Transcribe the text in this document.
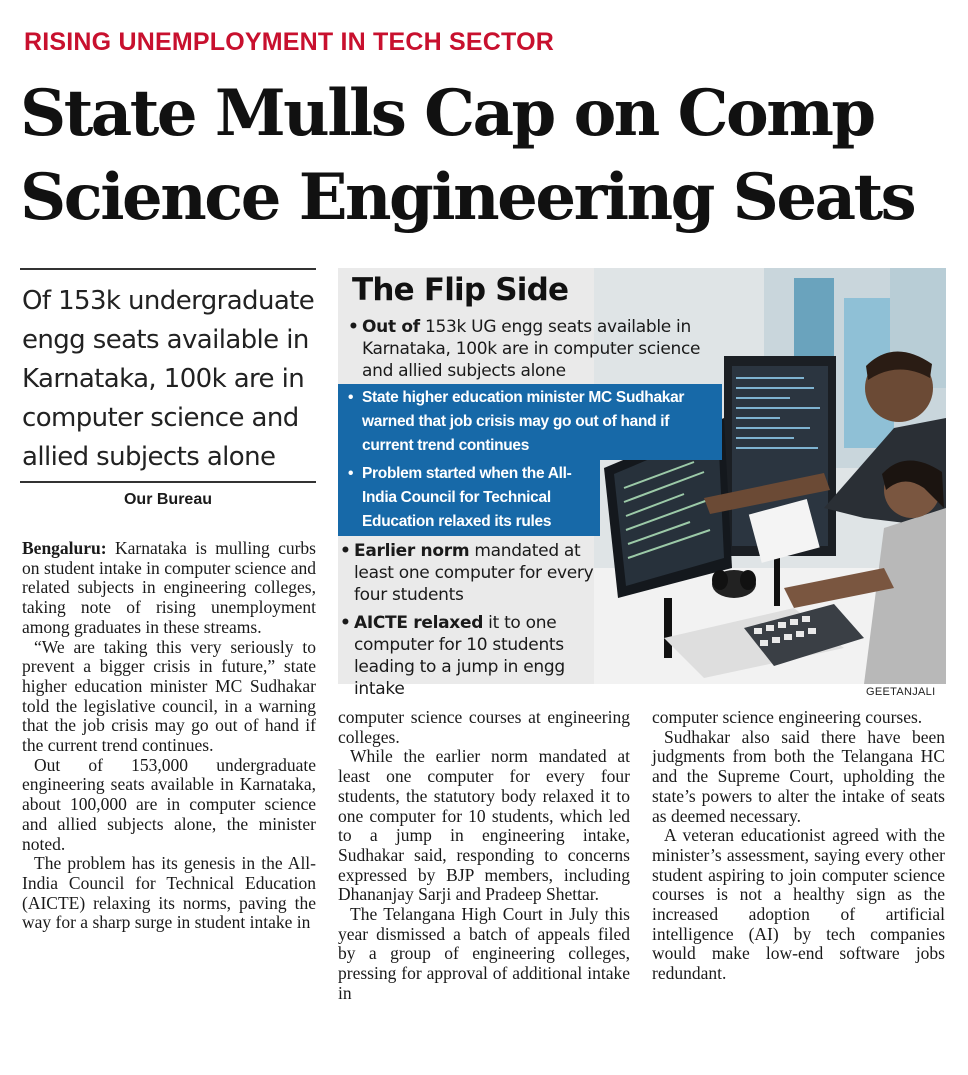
RISING UNEMPLOYMENT IN TECH SECTOR
State Mulls Cap on Comp
Science Engineering Seats
Of 153k undergraduate engg seats available in Karnataka, 100k are in computer science and allied subjects alone
Our Bureau
The Flip Side
• Out of 153k UG engg seats available in Karnataka, 100k are in computer science and allied subjects alone
• State higher education minister MC Sudhakar warned that job crisis may go out of hand if current trend continues
• Problem started when the All-India Council for Technical Education relaxed its rules
• Earlier norm mandated at least one computer for every four students
• AICTE relaxed it to one computer for 10 students leading to a jump in engg intake	GEETANJALI

Bengaluru: Karnataka is mulling curbs on student intake in computer science and related subjects in engineering colleges, taking note of rising unemployment among graduates in these streams.

“We are taking this very seriously to prevent a bigger crisis in future,” state higher education minister MC Sudhakar told the legislative council, in a warning that the job crisis may go out of hand if the current trend continues.

Out of 153,000 undergraduate engineering seats available in Karnataka, about 100,000 are in computer science and allied subjects alone, the minister noted.

The problem has its genesis in the All-India Council for Technical Education (AICTE) relaxing its norms, paving the way for a sharp surge in student intake in

computer science courses at engineering colleges.

While the earlier norm mandated at least one computer for every four students, the statutory body relaxed it to one computer for 10 students, which led to a jump in engineering intake, Sudhakar said, responding to concerns expressed by BJP members, including Dhananjay Sarji and Pradeep Shettar.

The Telangana High Court in July this year dismissed a batch of appeals filed by a group of engineering colleges, pressing for approval of additional intake in

computer science engineering courses.

Sudhakar also said there have been judgments from both the Telangana HC and the Supreme Court, upholding the state’s powers to alter the intake of seats as deemed necessary.

A veteran educationist agreed with the minister’s assessment, saying every other student aspiring to join computer science courses is not a healthy sign as the increased adoption of artificial intelligence (AI) by tech companies would make low-end software jobs redundant.
